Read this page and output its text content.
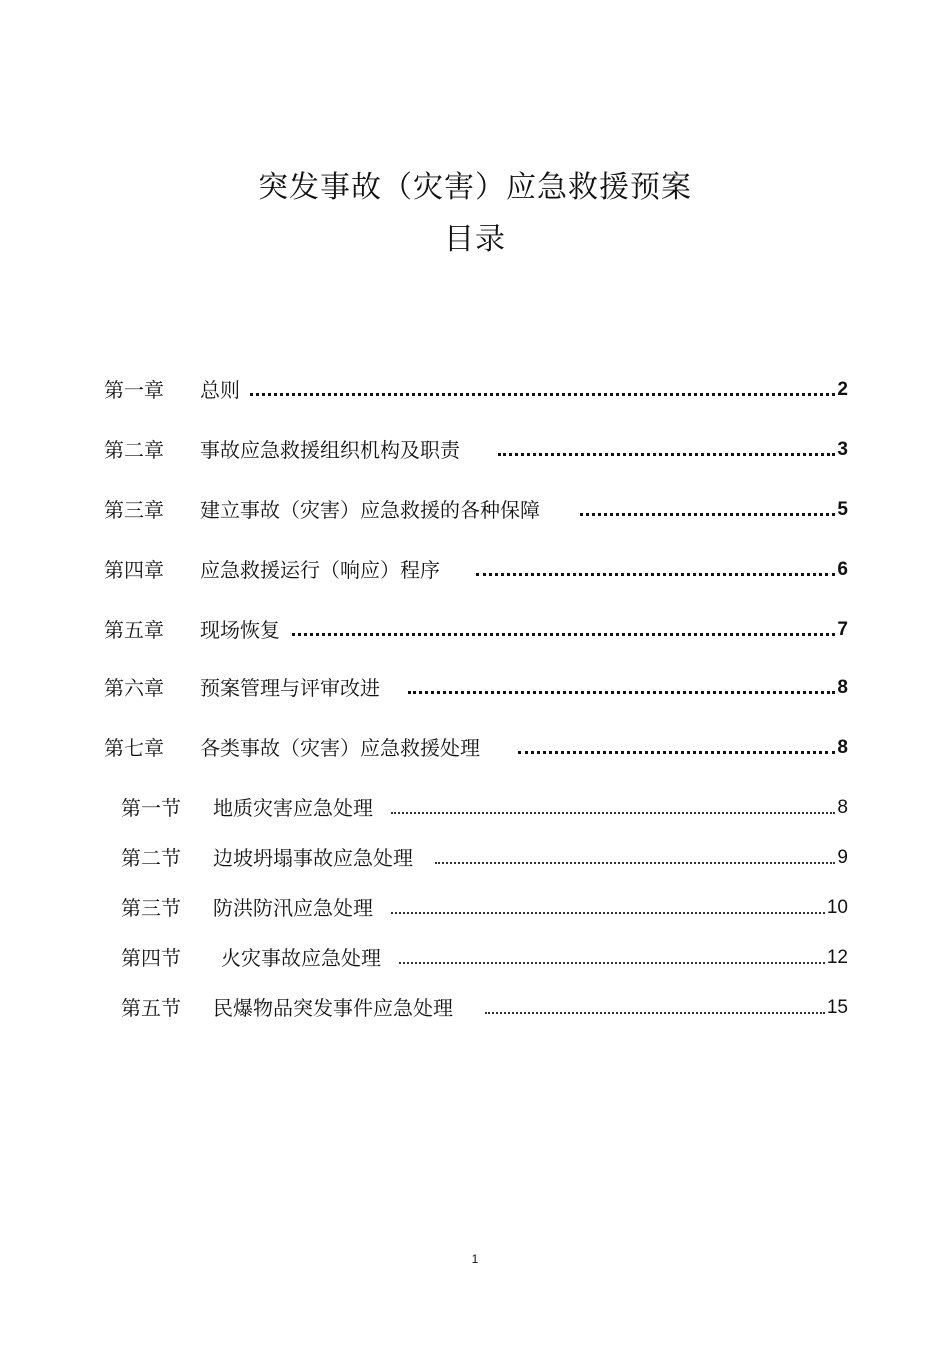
突发事故（灾害）应急救援预案
目录
第一章	总则	2
第二章	事故应急救援组织机构及职责	3
第三章	建立事故（灾害）应急救援的各种保障	5
第四章	应急救援运行（响应）程序	6
第五章	现场恢复	7
第六章	预案管理与评审改进	8
第七章	各类事故（灾害）应急救援处理	8
第一节	地质灾害应急处理	8
第二节	边坡坍塌事故应急处理	9
第三节	防洪防汛应急处理	10
第四节	火灾事故应急处理	12
第五节	民爆物品突发事件应急处理	15
1
